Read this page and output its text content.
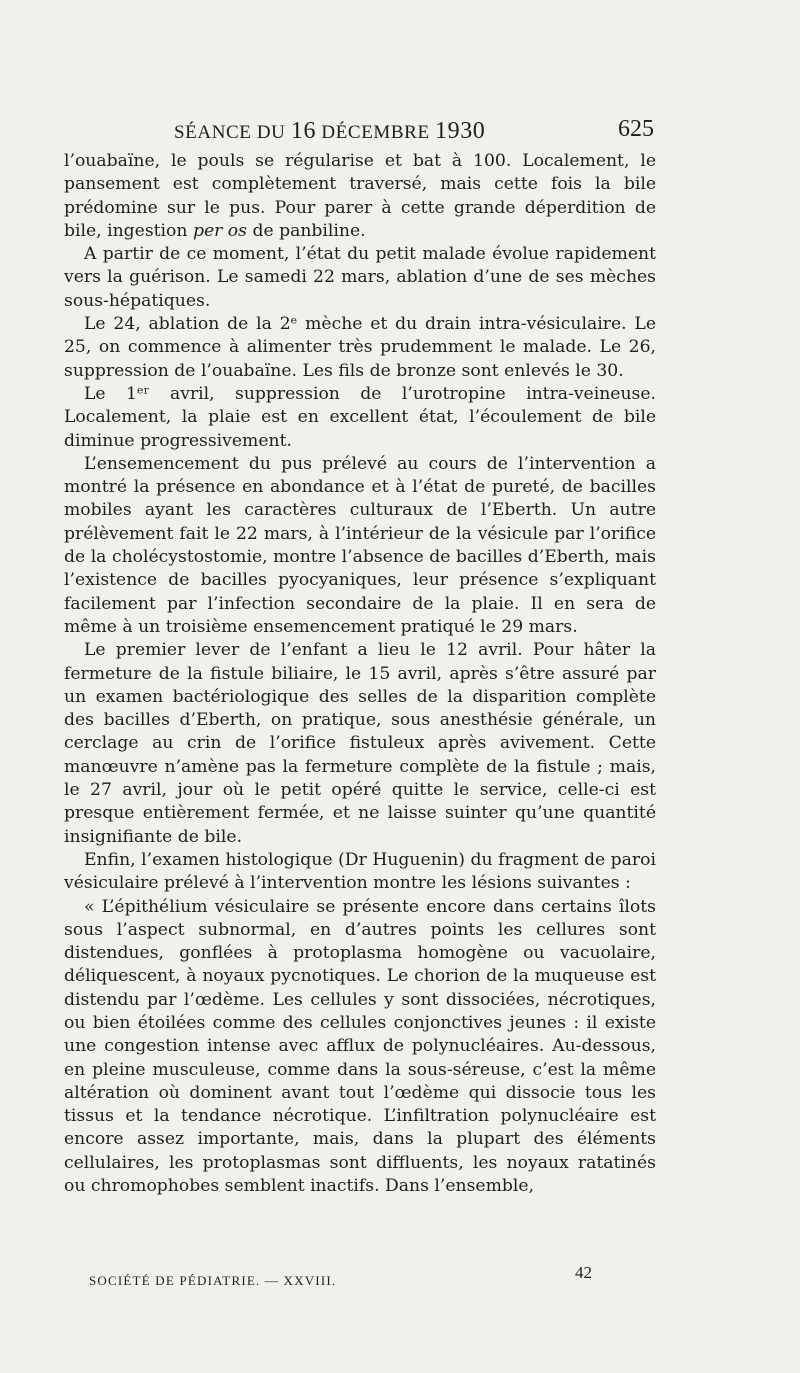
SÉANCE DU 16 DÉCEMBRE 1930	625

l’ouabaïne, le pouls se régularise et bat à 100. Localement, le pansement est complètement traversé, mais cette fois la bile prédomine sur le pus. Pour parer à cette grande déperdition de bile, ingestion per os de panbiline.

A partir de ce moment, l’état du petit malade évolue rapidement vers la guérison. Le samedi 22 mars, ablation d’une de ses mèches sous-hépatiques.

Le 24, ablation de la 2ᵉ mèche et du drain intra-vésiculaire. Le 25, on commence à alimenter très prudemment le malade. Le 26, suppression de l’ouabaïne. Les fils de bronze sont enlevés le 30.

Le 1ᵉʳ avril, suppression de l’urotropine intra-veineuse. Localement, la plaie est en excellent état, l’écoulement de bile diminue progressivement.

L’ensemencement du pus prélevé au cours de l’intervention a montré la présence en abondance et à l’état de pureté, de bacilles mobiles ayant les caractères culturaux de l’Eberth. Un autre prélèvement fait le 22 mars, à l’intérieur de la vésicule par l’orifice de la cholécystostomie, montre l’absence de bacilles d’Eberth, mais l’existence de bacilles pyocyaniques, leur présence s’expliquant facilement par l’infection secondaire de la plaie. Il en sera de même à un troisième ensemencement pratiqué le 29 mars.

Le premier lever de l’enfant a lieu le 12 avril. Pour hâter la fermeture de la fistule biliaire, le 15 avril, après s’être assuré par un examen bactériologique des selles de la disparition complète des bacilles d’Eberth, on pratique, sous anesthésie générale, un cerclage au crin de l’orifice fistuleux après avivement. Cette manœuvre n’amène pas la fermeture complète de la fistule ; mais, le 27 avril, jour où le petit opéré quitte le service, celle-ci est presque entièrement fermée, et ne laisse suinter qu’une quantité insignifiante de bile.

Enfin, l’examen histologique (Dr Huguenin) du fragment de paroi vésiculaire prélevé à l’intervention montre les lésions suivantes :

« L’épithélium vésiculaire se présente encore dans certains îlots sous l’aspect subnormal, en d’autres points les cellures sont distendues, gonflées à protoplasma homogène ou vacuolaire, déliquescent, à noyaux pycnotiques. Le chorion de la muqueuse est distendu par l’œdème. Les cellules y sont dissociées, nécrotiques, ou bien étoilées comme des cellules conjonctives jeunes : il existe une congestion intense avec afflux de polynucléaires. Au-dessous, en pleine musculeuse, comme dans la sous-séreuse, c’est la même altération où dominent avant tout l’œdème qui dissocie tous les tissus et la tendance nécrotique. L’infiltration polynucléaire est encore assez importante, mais, dans la plupart des éléments cellulaires, les protoplasmas sont diffluents, les noyaux ratatinés ou chromophobes semblent inactifs. Dans l’ensemble,

SOCIÉTÉ DE PÉDIATRIE. — XXVIII.	42
